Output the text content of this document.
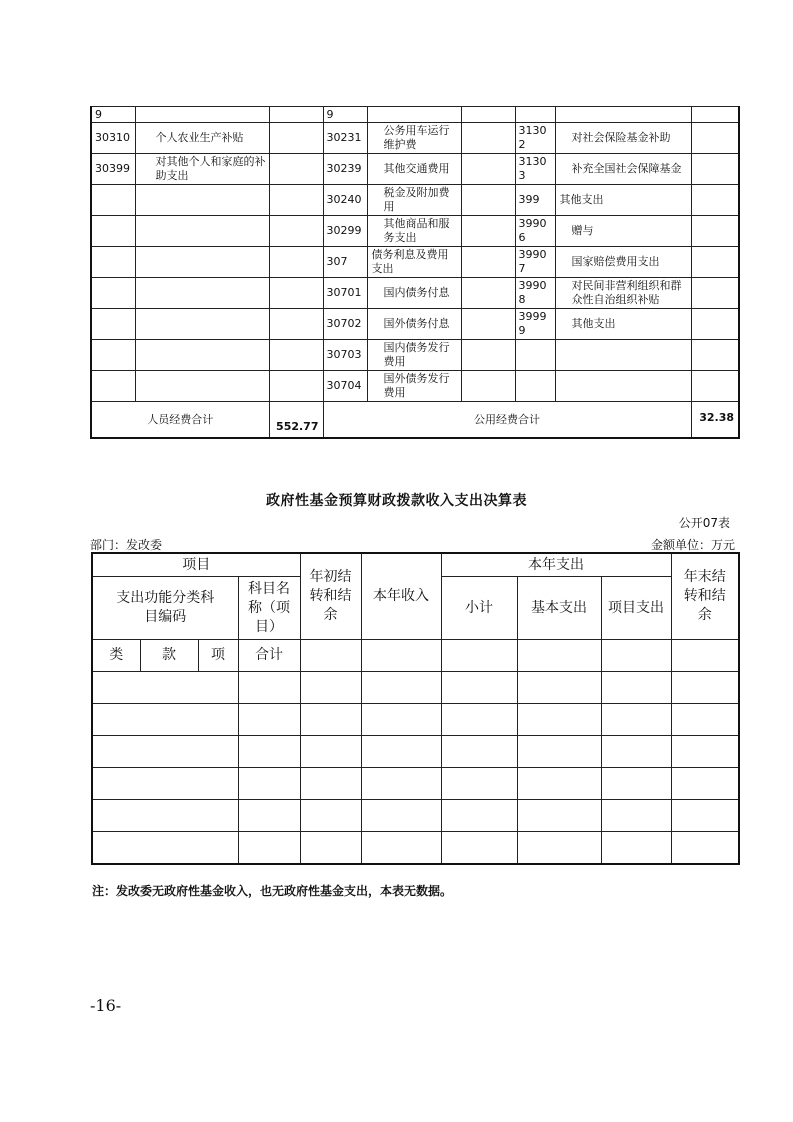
9			9					
30310	个人农业生产补贴		30231	公务用车运行维护费		31302	对社会保险基金补助	
30399	对其他个人和家庭的补助支出		30239	其他交通费用		31303	补充全国社会保障基金	
			30240	税金及附加费用		399	其他支出	
			30299	其他商品和服务支出		39906	赠与	
			307	债务利息及费用支出		39907	国家赔偿费用支出	
			30701	国内债务付息		39908	对民间非营利组织和群众性自治组织补贴	
			30702	国外债务付息		39999	其他支出	
			30703	国内债务发行费用				
			30704	国外债务发行费用				
人员经费合计		552.77	公用经费合计					32.38
政府性基金预算财政拨款收入支出决算表
公开07表
部门：发改委	金额单位：万元
项目				年初结转和结余	本年收入	本年支出			年末结转和结余
支出功能分类科目编码			科目名称（项目）			小计	基本支出	项目支出	
类	款	项	合计						

注：发改委无政府性基金收入，也无政府性基金支出，本表无数据。
-16-
